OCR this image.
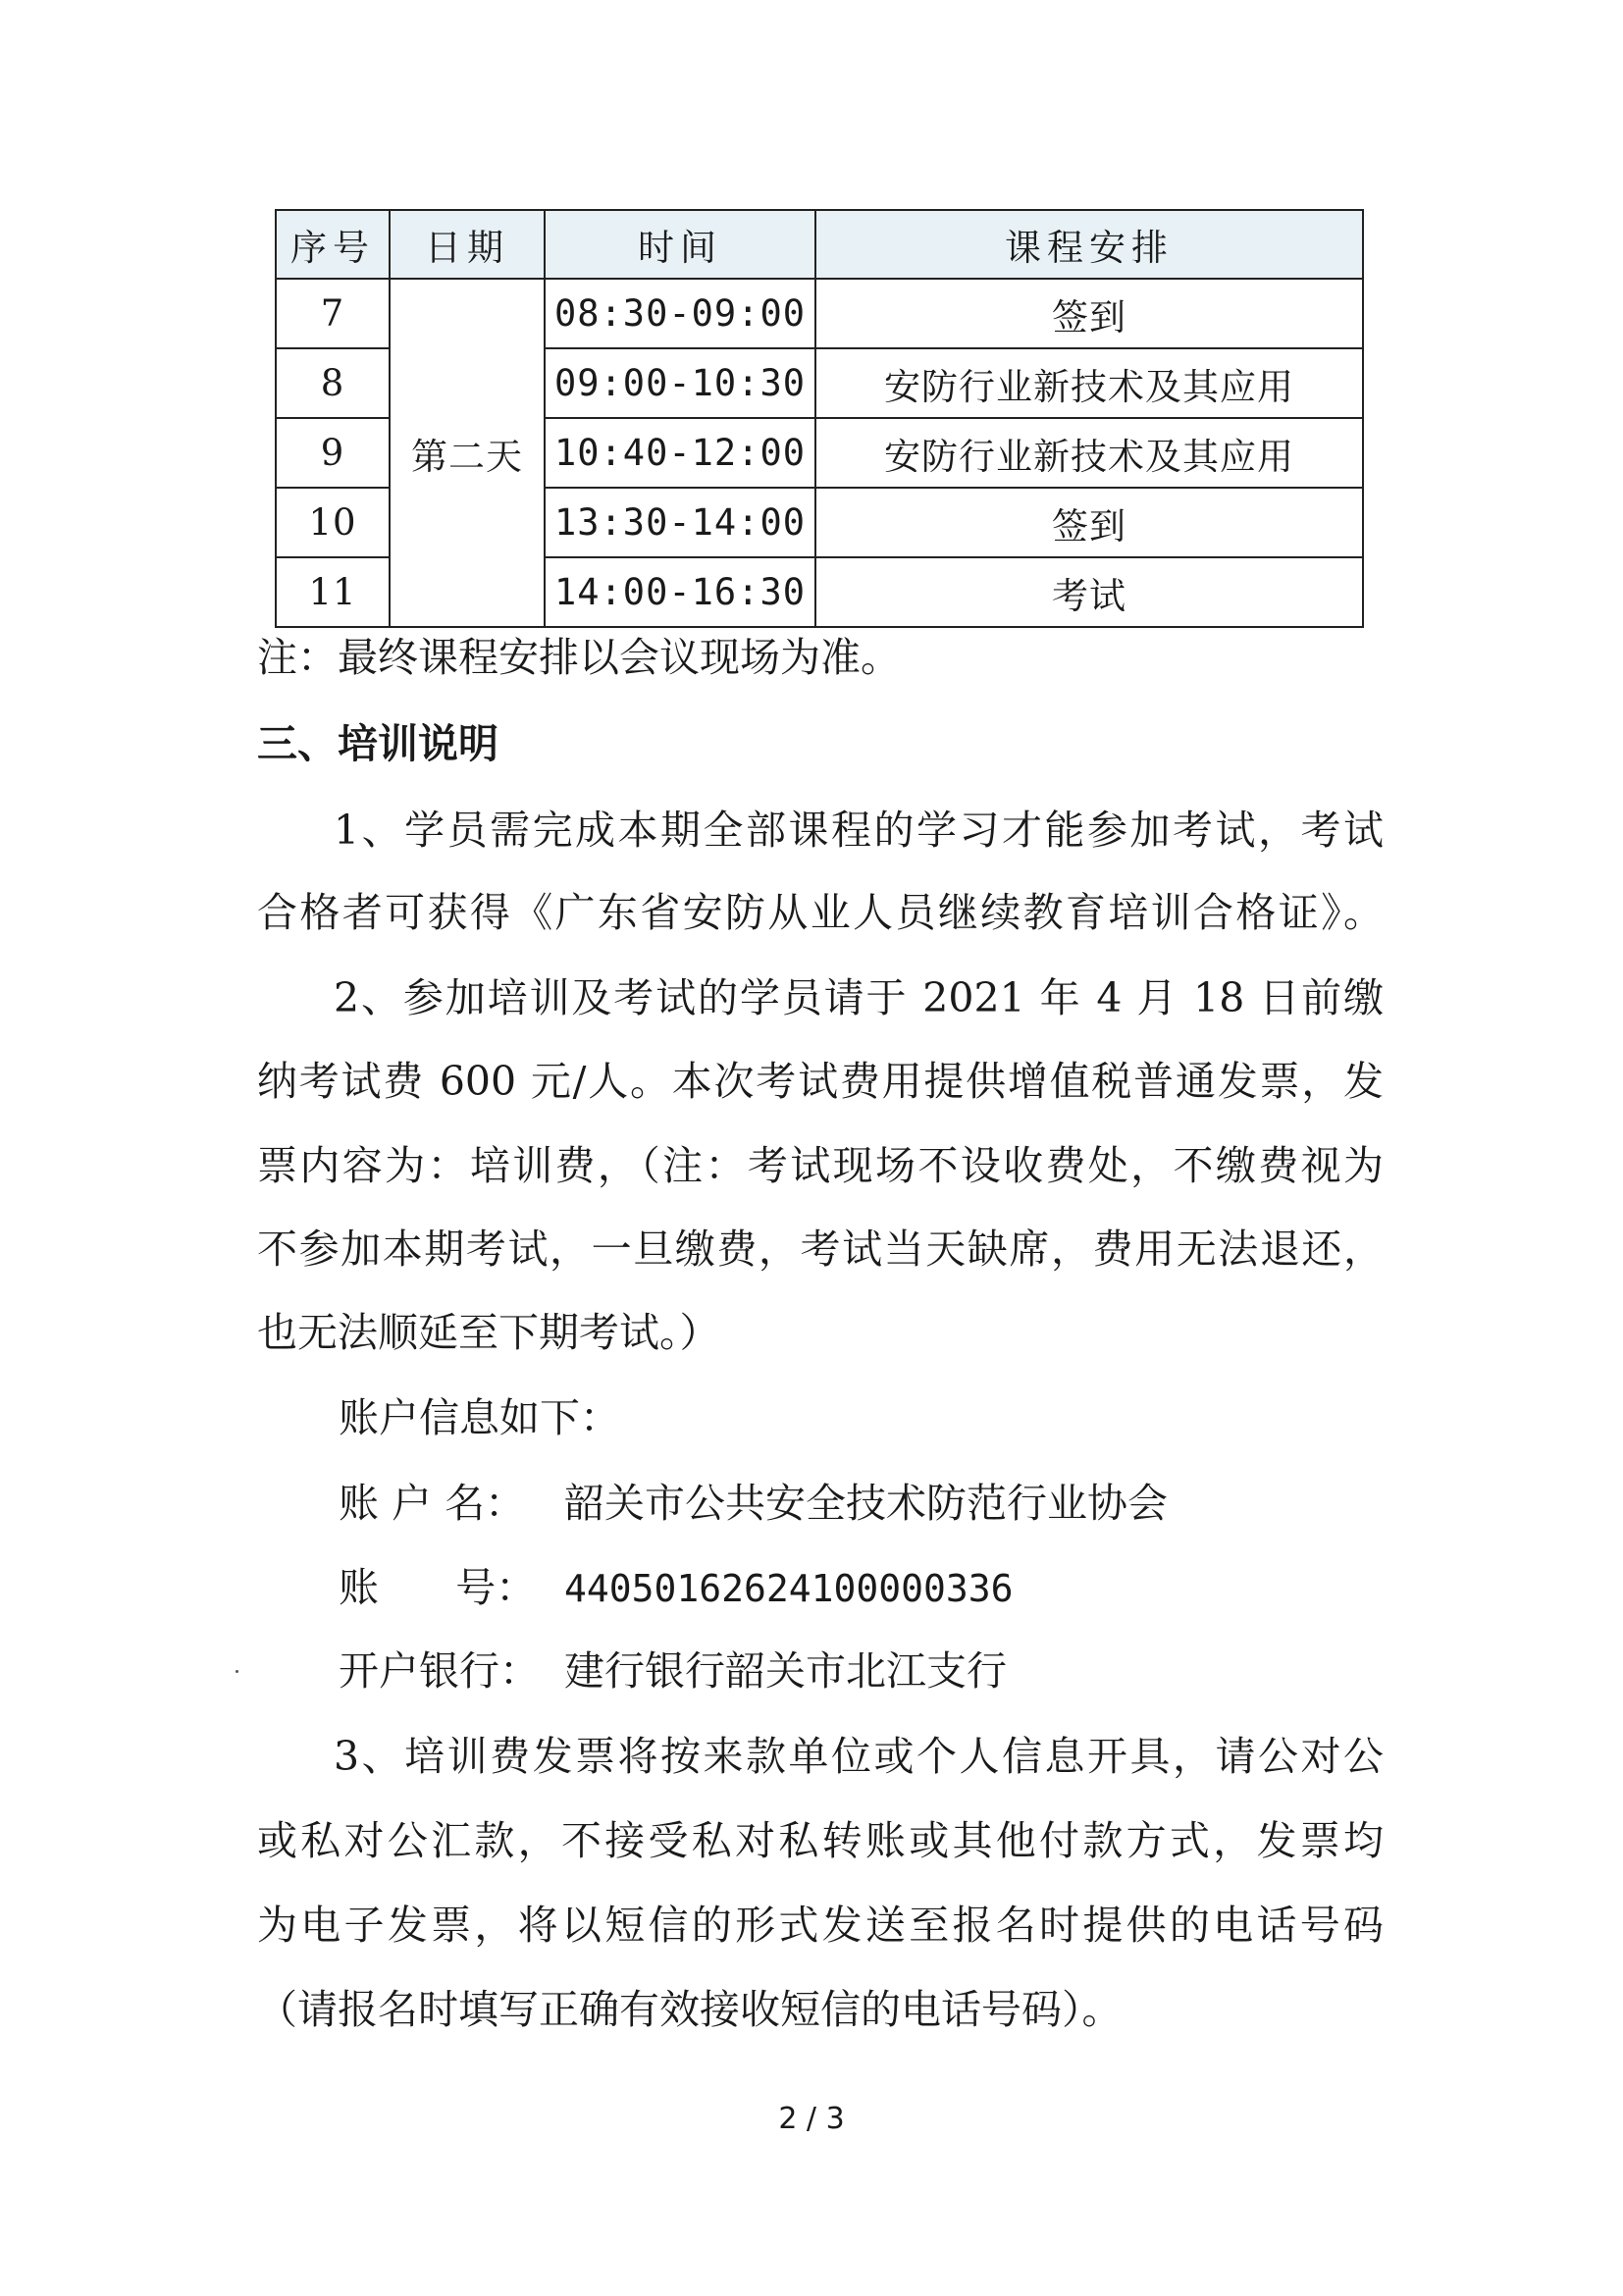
序号	日期	时间	课程安排
7	第二天	08:30-09:00	签到
8		09:00-10:30	安防行业新技术及其应用
9		10:40-12:00	安防行业新技术及其应用
10		13:30-14:00	签到
11		14:00-16:30	考试
注：最终课程安排以会议现场为准。
三、培训说明
1、学员需完成本期全部课程的学习才能参加考试，考试
合格者可获得《广东省安防从业人员继续教育培训合格证》。
2、参加培训及考试的学员请于 2021 年 4 月 18 日前缴
纳考试费 600 元/人。本次考试费用提供增值税普通发票，发
票内容为：培训费，（注：考试现场不设收费处，不缴费视为
不参加本期考试，一旦缴费，考试当天缺席，费用无法退还，
也无法顺延至下期考试。）
账户信息如下：
账 户 名： 韶关市公共安全技术防范行业协会
账      号： 44050162624100000336
开户银行： 建行银行韶关市北江支行
3、培训费发票将按来款单位或个人信息开具，请公对公
或私对公汇款，不接受私对私转账或其他付款方式，发票均
为电子发票，将以短信的形式发送至报名时提供的电话号码
（请报名时填写正确有效接收短信的电话号码）。
2 / 3
